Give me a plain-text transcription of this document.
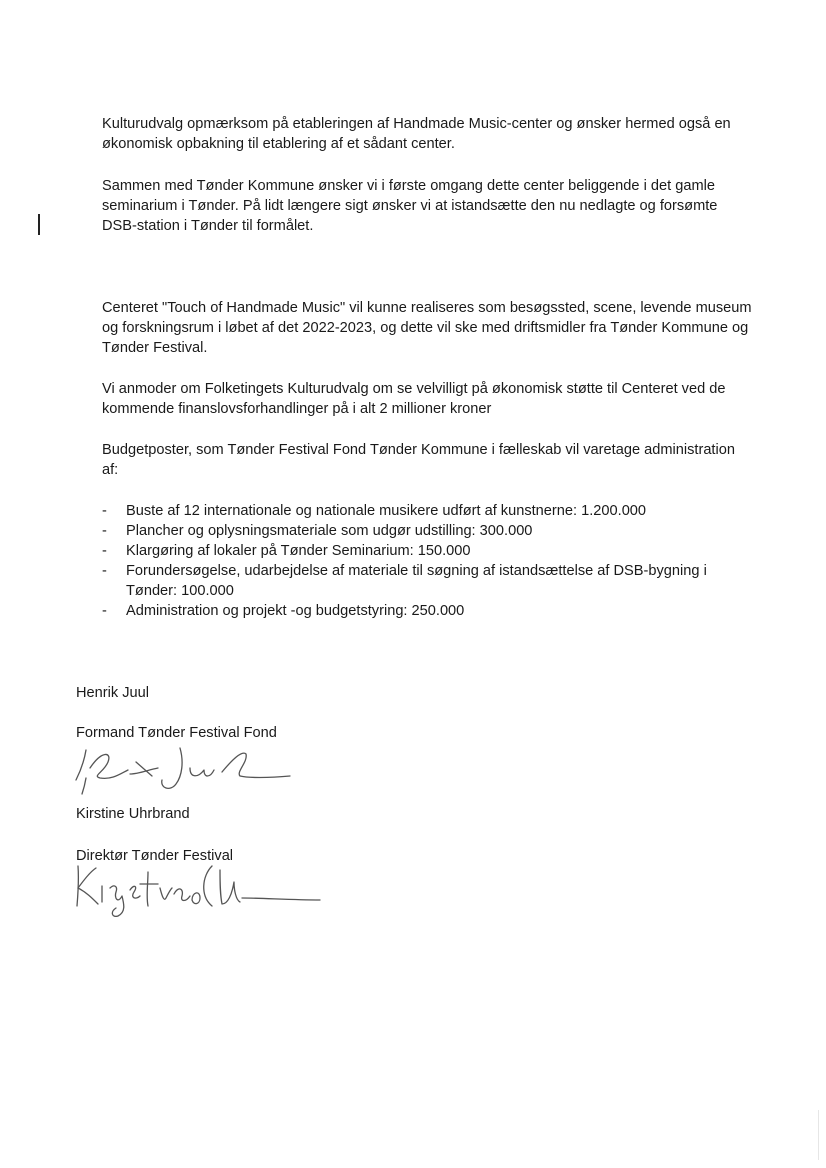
Kulturudvalg opmærksom på etableringen af Handmade Music-center og ønsker hermed også en økonomisk opbakning til etablering af et sådant center.

Sammen med Tønder Kommune ønsker vi i første omgang dette center beliggende i det gamle seminarium i Tønder. På lidt længere sigt ønsker vi at istandsætte den nu nedlagte og forsømte DSB-station i Tønder til formålet.

Centeret "Touch of Handmade Music" vil kunne realiseres som besøgssted, scene, levende museum og forskningsrum i løbet af det 2022-2023, og dette vil ske med driftsmidler fra Tønder Kommune og Tønder Festival.

Vi anmoder om Folketingets Kulturudvalg om se velvilligt på økonomisk støtte til Centeret ved de kommende finanslovsforhandlinger på i alt 2 millioner kroner

Budgetposter, som Tønder Festival Fond Tønder Kommune i fælleskab vil varetage administration af:

- Buste af 12 internationale og nationale musikere udført af kunstnerne: 1.200.000
- Plancher og oplysningsmateriale som udgør udstilling: 300.000
- Klargøring af lokaler på Tønder Seminarium: 150.000
- Forundersøgelse, udarbejdelse af materiale til søgning af istandsættelse af DSB-bygning i Tønder: 100.000
- Administration og projekt -og budgetstyring: 250.000

Henrik Juul

Formand Tønder Festival Fond

Kirstine Uhrbrand

Direktør Tønder Festival
